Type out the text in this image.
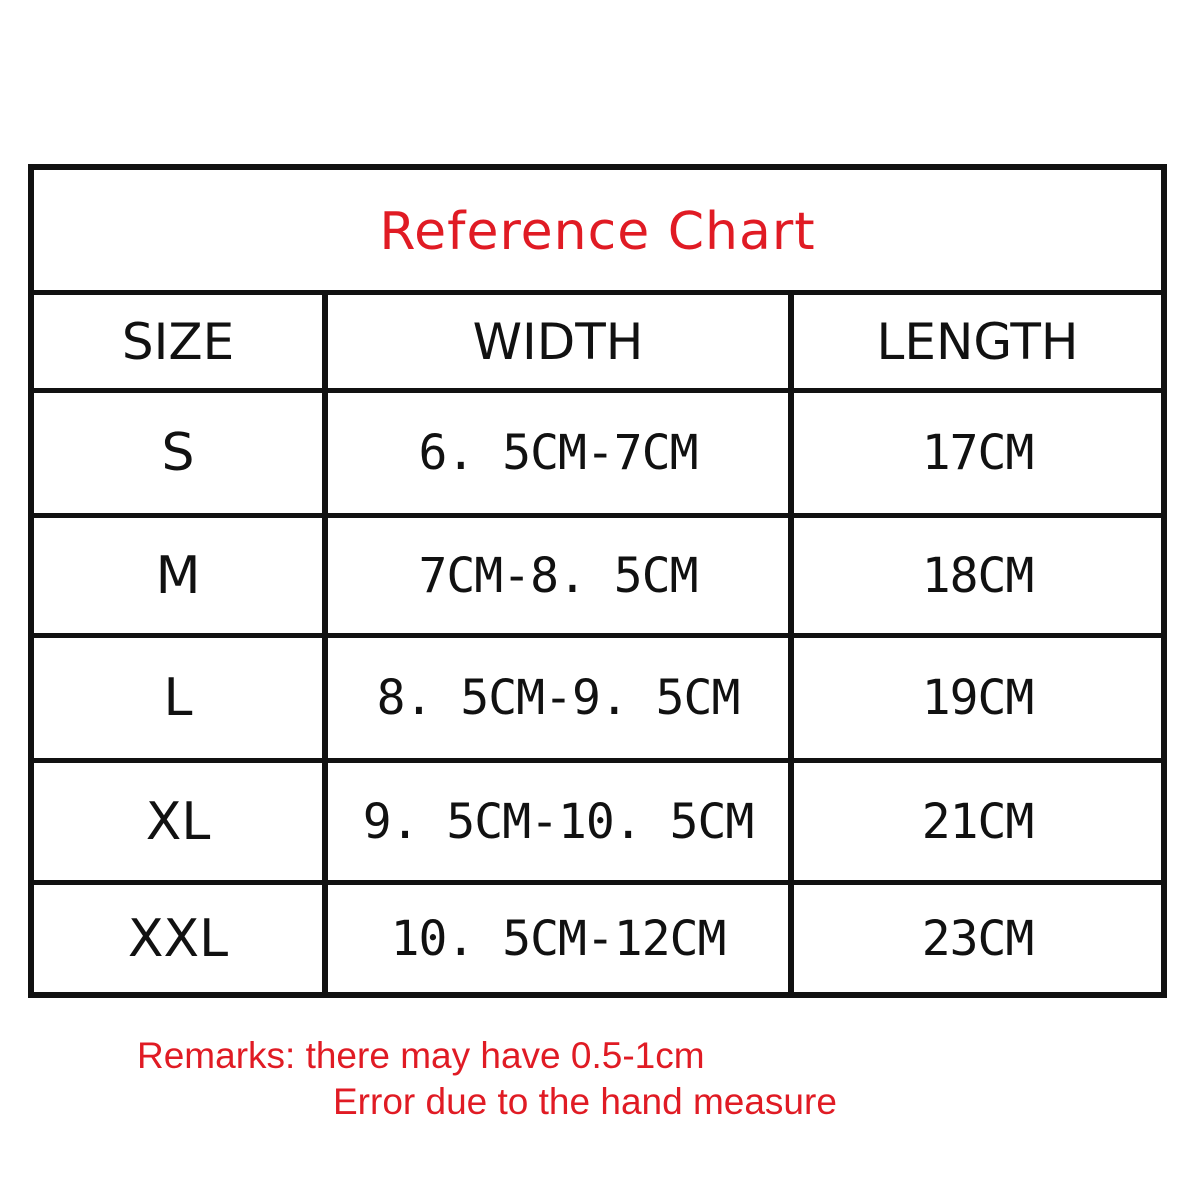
Reference Chart
SIZE	WIDTH	LENGTH
S	6. 5CM-7CM	17CM
M	7CM-8. 5CM	18CM
L	8. 5CM-9. 5CM	19CM
XL	9. 5CM-10. 5CM	21CM
XXL	10. 5CM-12CM	23CM
Remarks: there may have 0.5-1cm
Error due to the hand measure
